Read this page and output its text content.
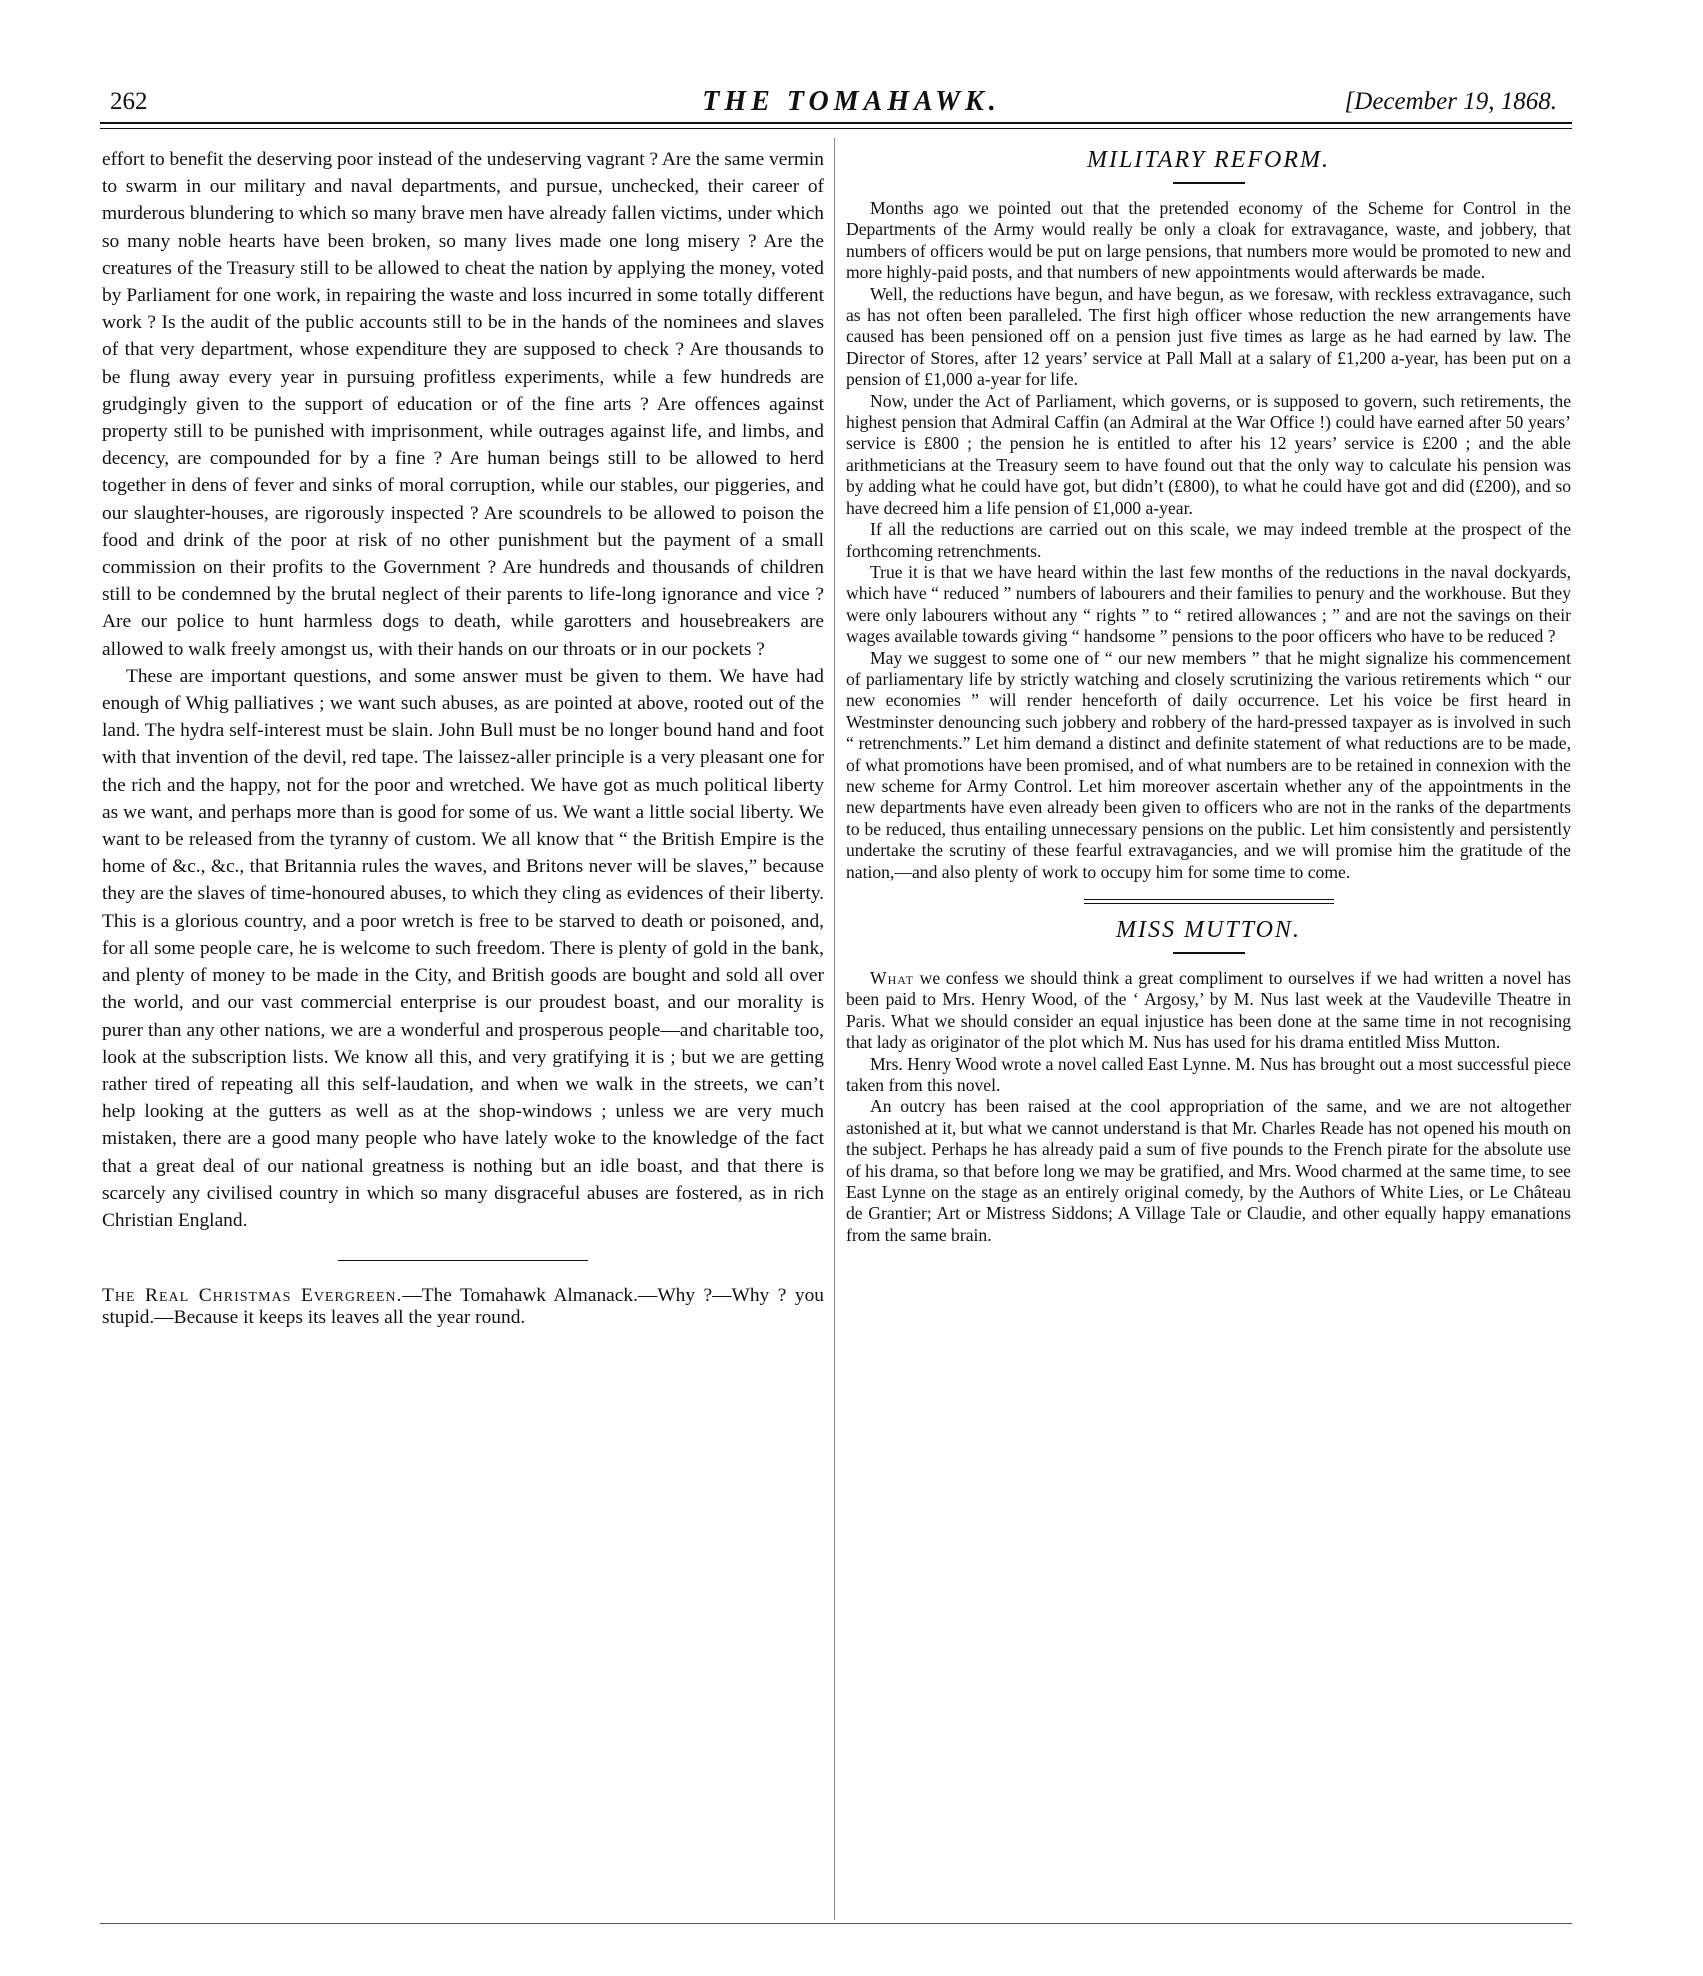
262	THE TOMAHAWK.	[December 19, 1868.

effort to benefit the deserving poor instead of the undeserving vagrant ? Are the same vermin to swarm in our military and naval departments, and pursue, unchecked, their career of murderous blundering to which so many brave men have already fallen victims, under which so many noble hearts have been broken, so many lives made one long misery ? Are the creatures of the Treasury still to be allowed to cheat the nation by applying the money, voted by Parliament for one work, in repairing the waste and loss incurred in some totally different work ? Is the audit of the public accounts still to be in the hands of the nominees and slaves of that very department, whose expenditure they are supposed to check ? Are thousands to be flung away every year in pursuing profitless experiments, while a few hundreds are grudgingly given to the support of education or of the fine arts ? Are offences against property still to be punished with imprisonment, while outrages against life, and limbs, and decency, are compounded for by a fine ? Are human beings still to be allowed to herd together in dens of fever and sinks of moral corruption, while our stables, our piggeries, and our slaughter-houses, are rigorously inspected ? Are scoundrels to be allowed to poison the food and drink of the poor at risk of no other punishment but the payment of a small commission on their profits to the Government ? Are hundreds and thousands of children still to be condemned by the brutal neglect of their parents to life-long ignorance and vice ? Are our police to hunt harmless dogs to death, while garotters and housebreakers are allowed to walk freely amongst us, with their hands on our throats or in our pockets ?

These are important questions, and some answer must be given to them. We have had enough of Whig palliatives ; we want such abuses, as are pointed at above, rooted out of the land. The hydra self-interest must be slain. John Bull must be no longer bound hand and foot with that invention of the devil, red tape. The laissez-aller principle is a very pleasant one for the rich and the happy, not for the poor and wretched. We have got as much political liberty as we want, and perhaps more than is good for some of us. We want a little social liberty. We want to be released from the tyranny of custom. We all know that “ the British Empire is the home of &c., &c., that Britannia rules the waves, and Britons never will be slaves,” because they are the slaves of time-honoured abuses, to which they cling as evidences of their liberty. This is a glorious country, and a poor wretch is free to be starved to death or poisoned, and, for all some people care, he is welcome to such freedom. There is plenty of gold in the bank, and plenty of money to be made in the City, and British goods are bought and sold all over the world, and our vast commercial enterprise is our proudest boast, and our morality is purer than any other nations, we are a wonderful and prosperous people—and charitable too, look at the subscription lists. We know all this, and very gratifying it is ; but we are getting rather tired of repeating all this self-laudation, and when we walk in the streets, we can’t help looking at the gutters as well as at the shop-windows ; unless we are very much mistaken, there are a good many people who have lately woke to the knowledge of the fact that a great deal of our national greatness is nothing but an idle boast, and that there is scarcely any civilised country in which so many disgraceful abuses are fostered, as in rich Christian England.

The Real Christmas Evergreen.—The Tomahawk Almanack.—Why ?—Why ? you stupid.—Because it keeps its leaves all the year round.

MILITARY REFORM.

Months ago we pointed out that the pretended economy of the Scheme for Control in the Departments of the Army would really be only a cloak for extravagance, waste, and jobbery, that numbers of officers would be put on large pensions, that numbers more would be promoted to new and more highly-paid posts, and that numbers of new appointments would afterwards be made.

Well, the reductions have begun, and have begun, as we foresaw, with reckless extravagance, such as has not often been paralleled. The first high officer whose reduction the new arrangements have caused has been pensioned off on a pension just five times as large as he had earned by law. The Director of Stores, after 12 years’ service at Pall Mall at a salary of £1,200 a-year, has been put on a pension of £1,000 a-year for life.

Now, under the Act of Parliament, which governs, or is supposed to govern, such retirements, the highest pension that Admiral Caffin (an Admiral at the War Office !) could have earned after 50 years’ service is £800 ; the pension he is entitled to after his 12 years’ service is £200 ; and the able arithmeticians at the Treasury seem to have found out that the only way to calculate his pension was by adding what he could have got, but didn’t (£800), to what he could have got and did (£200), and so have decreed him a life pension of £1,000 a-year.

If all the reductions are carried out on this scale, we may indeed tremble at the prospect of the forthcoming retrenchments.

True it is that we have heard within the last few months of the reductions in the naval dockyards, which have “ reduced ” numbers of labourers and their families to penury and the workhouse. But they were only labourers without any “ rights ” to “ retired allowances ; ” and are not the savings on their wages available towards giving “ handsome ” pensions to the poor officers who have to be reduced ?

May we suggest to some one of “ our new members ” that he might signalize his commencement of parliamentary life by strictly watching and closely scrutinizing the various retirements which “ our new economies ” will render henceforth of daily occurrence. Let his voice be first heard in Westminster denouncing such jobbery and robbery of the hard-pressed taxpayer as is involved in such “ retrenchments.” Let him demand a distinct and definite statement of what reductions are to be made, of what promotions have been promised, and of what numbers are to be retained in connexion with the new scheme for Army Control. Let him moreover ascertain whether any of the appointments in the new departments have even already been given to officers who are not in the ranks of the departments to be reduced, thus entailing unnecessary pensions on the public. Let him consistently and persistently undertake the scrutiny of these fearful extravagancies, and we will promise him the gratitude of the nation,—and also plenty of work to occupy him for some time to come.

MISS MUTTON.

What we confess we should think a great compliment to ourselves if we had written a novel has been paid to Mrs. Henry Wood, of the ‘ Argosy,’ by M. Nus last week at the Vaudeville Theatre in Paris. What we should consider an equal injustice has been done at the same time in not recognising that lady as originator of the plot which M. Nus has used for his drama entitled Miss Mutton.

Mrs. Henry Wood wrote a novel called East Lynne. M. Nus has brought out a most successful piece taken from this novel.

An outcry has been raised at the cool appropriation of the same, and we are not altogether astonished at it, but what we cannot understand is that Mr. Charles Reade has not opened his mouth on the subject. Perhaps he has already paid a sum of five pounds to the French pirate for the absolute use of his drama, so that before long we may be gratified, and Mrs. Wood charmed at the same time, to see East Lynne on the stage as an entirely original comedy, by the Authors of White Lies, or Le Château de Grantier; Art or Mistress Siddons; A Village Tale or Claudie, and other equally happy emanations from the same brain.
